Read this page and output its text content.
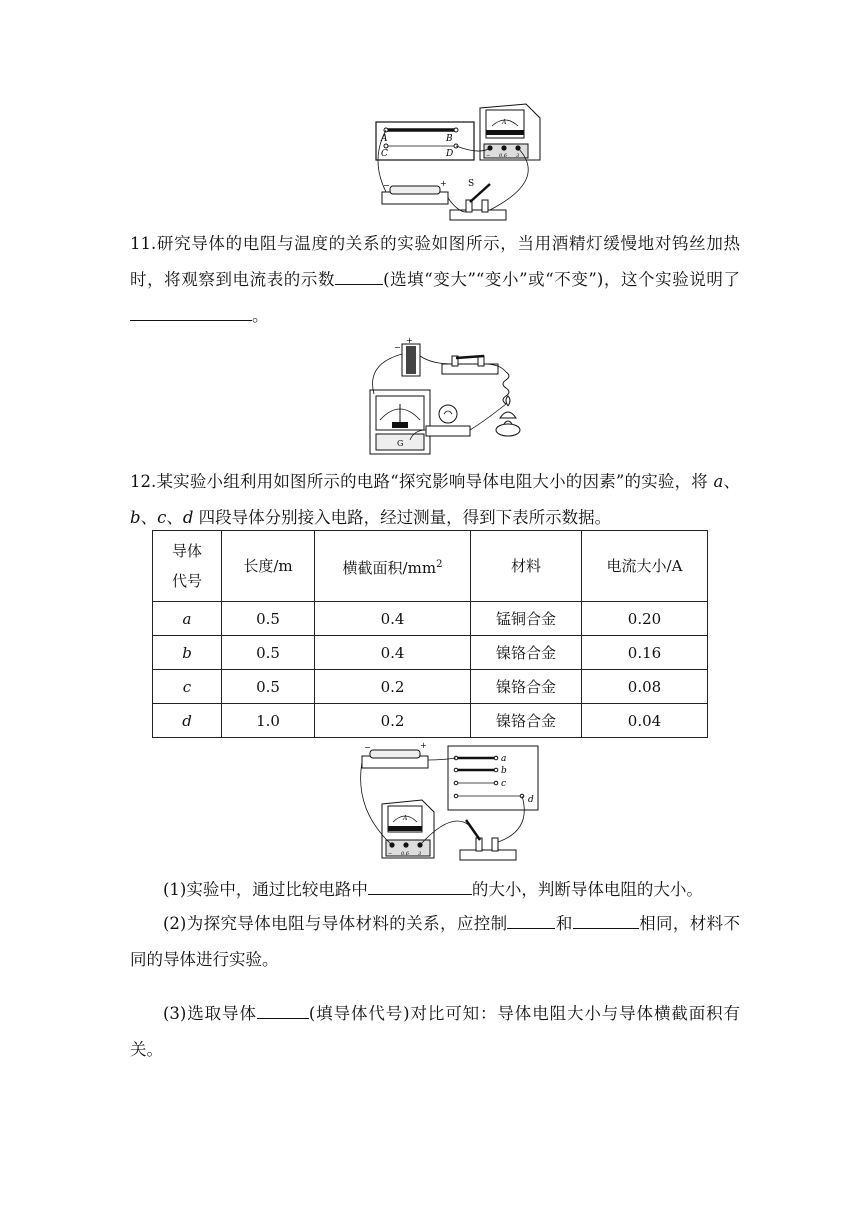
A	B
C	D
A
− 0.6 3
−	+ S
11.研究导体的电阻与温度的关系的实验如图所示，当用酒精灯缓慢地对钨丝加热时，将观察到电流表的示数	(选填“变大”“变小”或“不变”)，这个实验说明了。
+
−
G
12.某实验小组利用如图所示的电路“探究影响导体电阻大小的因素”的实验，将 a、b、c、d 四段导体分别接入电路，经过测量，得到下表所示数据。
导体代号	长度/m	横截面积$/mm^2$	材料	电流大小/A
a	0.5	0.4	锰铜合金	0.20
b	0.5	0.4	镍铬合金	0.16
c	0.5	0.2	镍铬合金	0.08
d	1.0	0.2	镍铬合金	0.04
−	+
a
b
c
d
A
− 0.6 3
(1)实验中，通过比较电路中	的大小，判断导体电阻的大小。
(2)为探究导体电阻与导体材料的关系，应控制	和	相同，材料不同的导体进行实验。
(3)选取导体	(填导体代号)对比可知：导体电阻大小与导体横截面积有关。
